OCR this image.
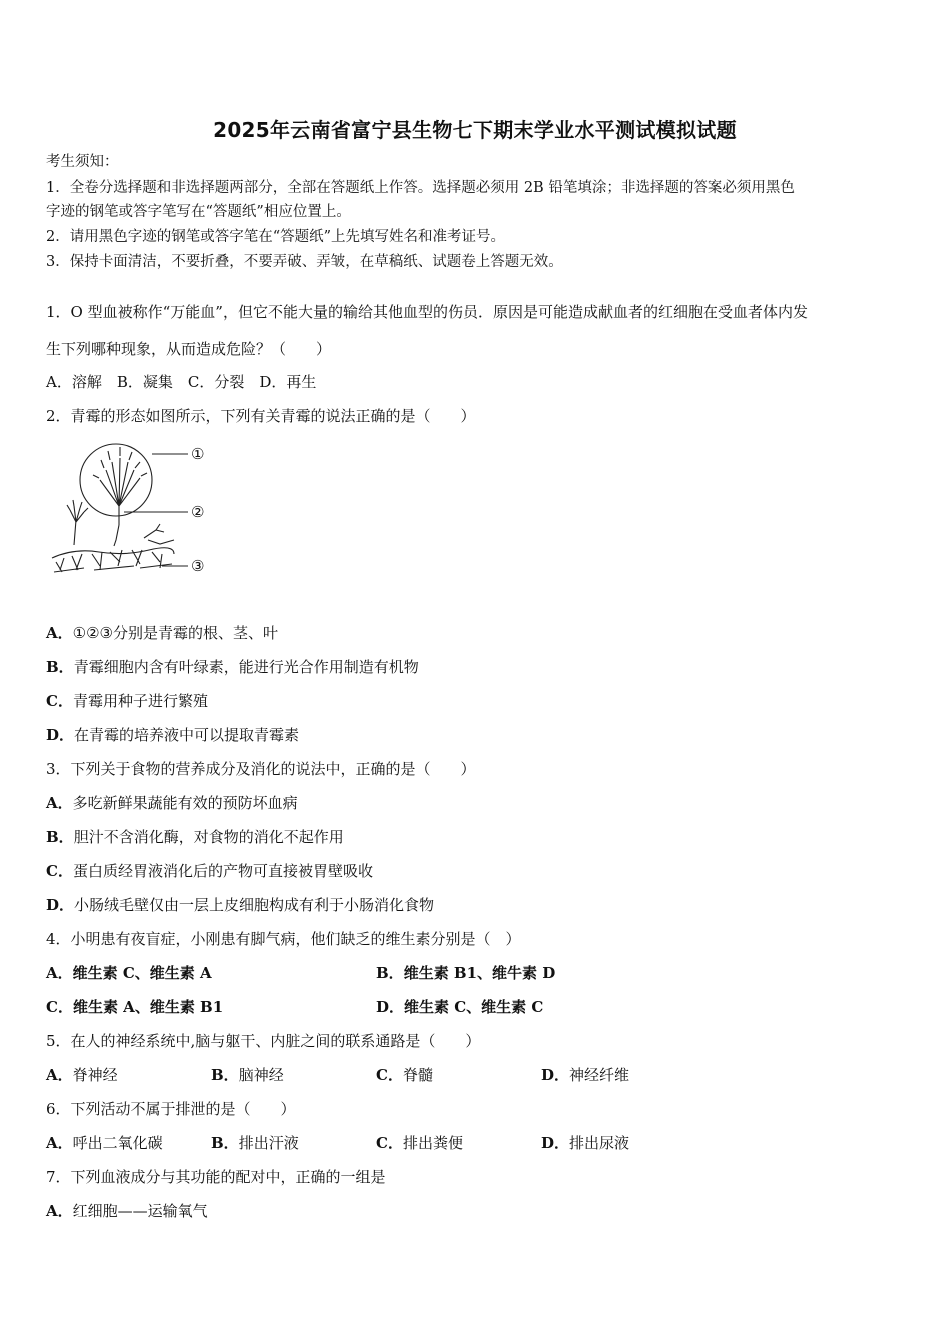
2025年云南省富宁县生物七下期末学业水平测试模拟试题
考生须知：
1．全卷分选择题和非选择题两部分，全部在答题纸上作答。选择题必须用 2B 铅笔填涂；非选择题的答案必须用黑色
字迹的钢笔或答字笔写在“答题纸”相应位置上。
2．请用黑色字迹的钢笔或答字笔在“答题纸”上先填写姓名和准考证号。
3．保持卡面清洁，不要折叠，不要弄破、弄皱，在草稿纸、试题卷上答题无效。
1．O 型血被称作“万能血”，但它不能大量的输给其他血型的伤员．原因是可能造成献血者的红细胞在受血者体内发
生下列哪种现象，从而造成危险？（　　）
A．溶解　B．凝集　C．分裂　D．再生
2．青霉的形态如图所示，下列有关青霉的说法正确的是（　　）
①
②
③
A．①②③分别是青霉的根、茎、叶
B．青霉细胞内含有叶绿素，能进行光合作用制造有机物
C．青霉用种子进行繁殖
D．在青霉的培养液中可以提取青霉素
3．下列关于食物的营养成分及消化的说法中，正确的是（　　）
A．多吃新鲜果蔬能有效的预防坏血病
B．胆汁不含消化酶，对食物的消化不起作用
C．蛋白质经胃液消化后的产物可直接被胃壁吸收
D．小肠绒毛壁仅由一层上皮细胞构成有利于小肠消化食物
4．小明患有夜盲症，小刚患有脚气病，他们缺乏的维生素分别是（　）
A．维生素 C、维生素 A	B．维生素 B1、维牛素 D
C．维生素 A、维生素 B1	D．维生素 C、维生素 C
5．在人的神经系统中,脑与躯干、内脏之间的联系通路是（　　）
A．脊神经	B．脑神经	C．脊髓	D．神经纤维
6．下列活动不属于排泄的是（　　）
A．呼出二氧化碳	B．排出汗液	C．排出粪便	D．排出尿液
7．下列血液成分与其功能的配对中，正确的一组是
A．红细胞——运输氧气
